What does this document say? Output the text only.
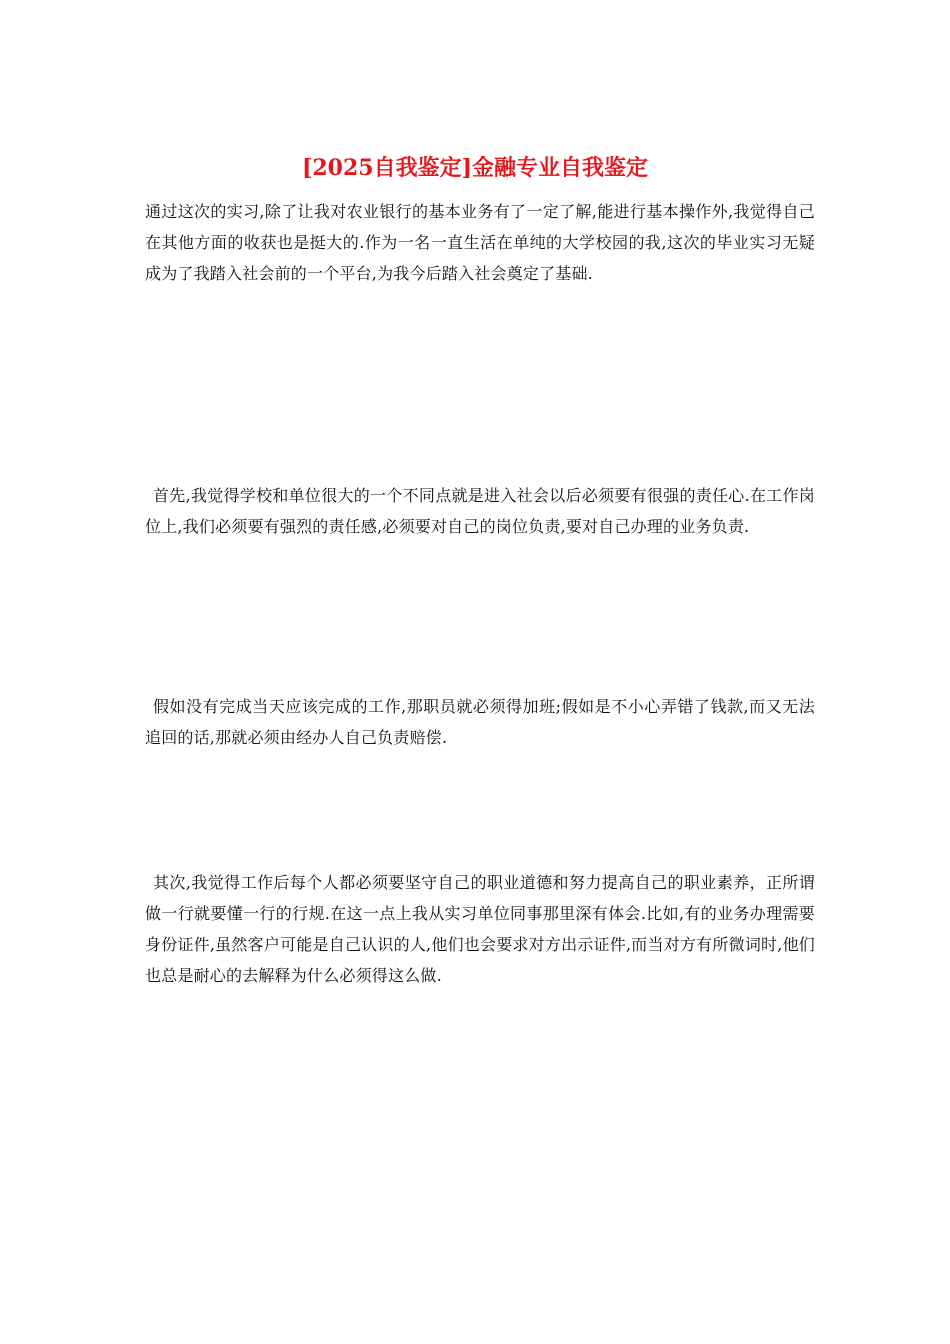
[2025自我鉴定]金融专业自我鉴定

通过这次的实习,除了让我对农业银行的基本业务有了一定了解,能进行基本操作外,我觉得自己在其他方面的收获也是挺大的.作为一名一直生活在单纯的大学校园的我,这次的毕业实习无疑成为了我踏入社会前的一个平台,为我今后踏入社会奠定了基础.

首先,我觉得学校和单位很大的一个不同点就是进入社会以后必须要有很强的责任心.在工作岗位上,我们必须要有强烈的责任感,必须要对自己的岗位负责,要对自己办理的业务负责.

假如没有完成当天应该完成的工作,那职员就必须得加班;假如是不小心弄错了钱款,而又无法追回的话,那就必须由经办人自己负责赔偿.

其次,我觉得工作后每个人都必须要坚守自己的职业道德和努力提高自己的职业素养，正所谓做一行就要懂一行的行规.在这一点上我从实习单位同事那里深有体会.比如,有的业务办理需要身份证件,虽然客户可能是自己认识的人,他们也会要求对方出示证件,而当对方有所微词时,他们也总是耐心的去解释为什么必须得这么做.
